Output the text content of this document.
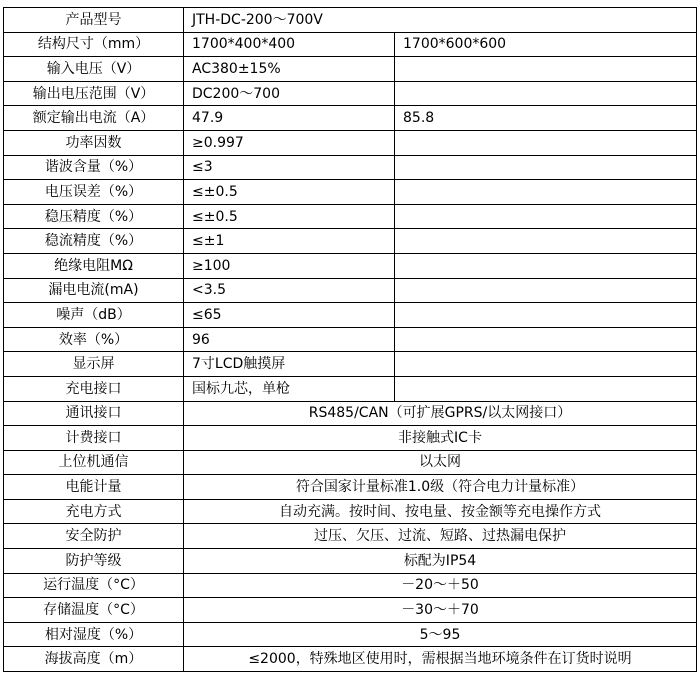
产品型号	JTH-DC-200～700V	
结构尺寸（mm）	1700*400*400	1700*600*600
输入电压（V）	AC380±15%	
输出电压范围（V）	DC200～700	
额定输出电流（A）	47.9	85.8
功率因数	≥0.997	
谐波含量（%）	≤3	
电压误差（%）	≤±0.5	
稳压精度（%）	≤±0.5	
稳流精度（%）	≤±1	
绝缘电阻MΩ	≥100	
漏电电流(mA)	<3.5	
噪声（dB）	≤65	
效率（%）	96	
显示屏	7寸LCD触摸屏	
充电接口	国标九芯，单枪	
通讯接口	RS485/CAN（可扩展GPRS/以太网接口）	
计费接口	非接触式IC卡	
上位机通信	以太网	
电能计量	符合国家计量标准1.0级（符合电力计量标准）	
充电方式	自动充满。按时间、按电量、按金额等充电操作方式	
安全防护	过压、欠压、过流、短路、过热漏电保护	
防护等级	标配为IP54	
运行温度（°C）	－20～＋50	
存储温度（°C）	－30～＋70	
相对湿度（%）	5～95	
海拔高度（m）	≤2000，特殊地区使用时，需根据当地环境条件在订货时说明	
